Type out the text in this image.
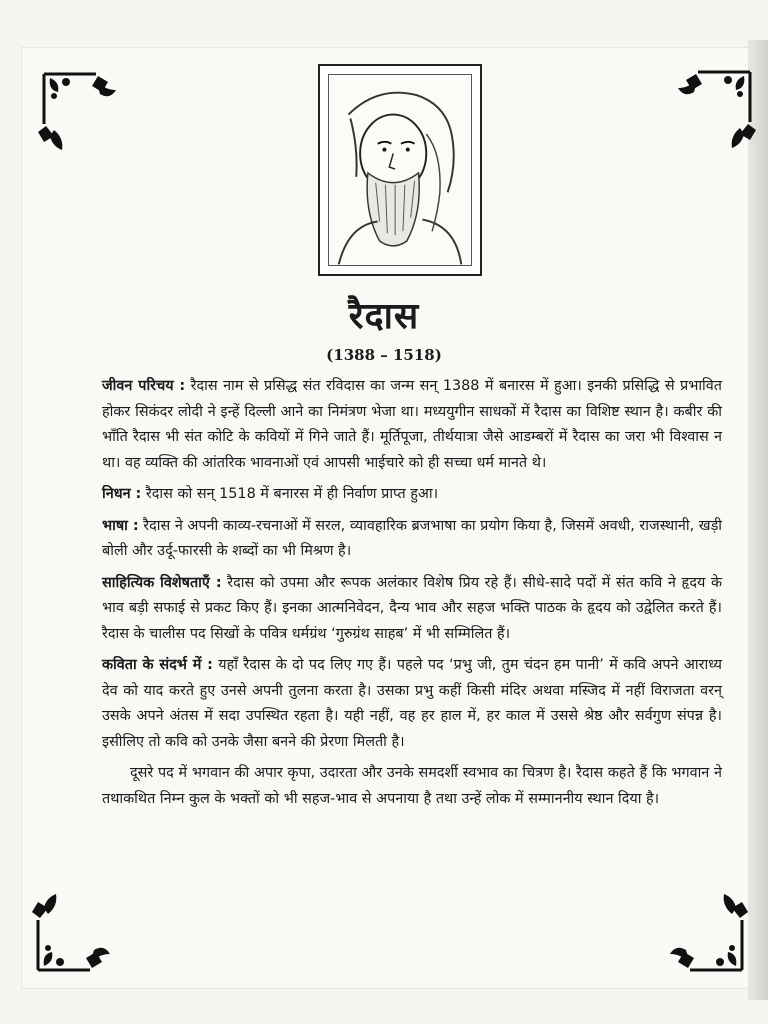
रैदास
(1388 – 1518)

जीवन परिचय : रैदास नाम से प्रसिद्ध संत रविदास का जन्म सन् 1388 में बनारस में हुआ। इनकी प्रसिद्धि से प्रभावित होकर सिकंदर लोदी ने इन्हें दिल्ली आने का निमंत्रण भेजा था। मध्ययुगीन साधकों में रैदास का विशिष्ट स्थान है। कबीर की भाँति रैदास भी संत कोटि के कवियों में गिने जाते हैं। मूर्तिपूजा, तीर्थयात्रा जैसे आडम्बरों में रैदास का जरा भी विश्वास न था। वह व्यक्ति की आंतरिक भावनाओं एवं आपसी भाईचारे को ही सच्चा धर्म मानते थे।

निधन : रैदास को सन् 1518 में बनारस में ही निर्वाण प्राप्त हुआ।

भाषा : रैदास ने अपनी काव्य-रचनाओं में सरल, व्यावहारिक ब्रजभाषा का प्रयोग किया है, जिसमें अवधी, राजस्थानी, खड़ी बोली और उर्दू-फारसी के शब्दों का भी मिश्रण है।

साहित्यिक विशेषताएँ : रैदास को उपमा और रूपक अलंकार विशेष प्रिय रहे हैं। सीधे-सादे पदों में संत कवि ने हृदय के भाव बड़ी सफाई से प्रकट किए हैं। इनका आत्मनिवेदन, दैन्य भाव और सहज भक्ति पाठक के हृदय को उद्वेलित करते हैं। रैदास के चालीस पद सिखों के पवित्र धर्मग्रंथ ‘गुरुग्रंथ साहब’ में भी सम्मिलित हैं।

कविता के संदर्भ में : यहाँ रैदास के दो पद लिए गए हैं। पहले पद ‘प्रभु जी, तुम चंदन हम पानी’ में कवि अपने आराध्य देव को याद करते हुए उनसे अपनी तुलना करता है। उसका प्रभु कहीं किसी मंदिर अथवा मस्जिद में नहीं विराजता वरन् उसके अपने अंतस में सदा उपस्थित रहता है। यही नहीं, वह हर हाल में, हर काल में उससे श्रेष्ठ और सर्वगुण संपन्न है। इसीलिए तो कवि को उनके जैसा बनने की प्रेरणा मिलती है।

दूसरे पद में भगवान की अपार कृपा, उदारता और उनके समदर्शी स्वभाव का चित्रण है। रैदास कहते हैं कि भगवान ने तथाकथित निम्न कुल के भक्तों को भी सहज-भाव से अपनाया है तथा उन्हें लोक में सम्माननीय स्थान दिया है।
